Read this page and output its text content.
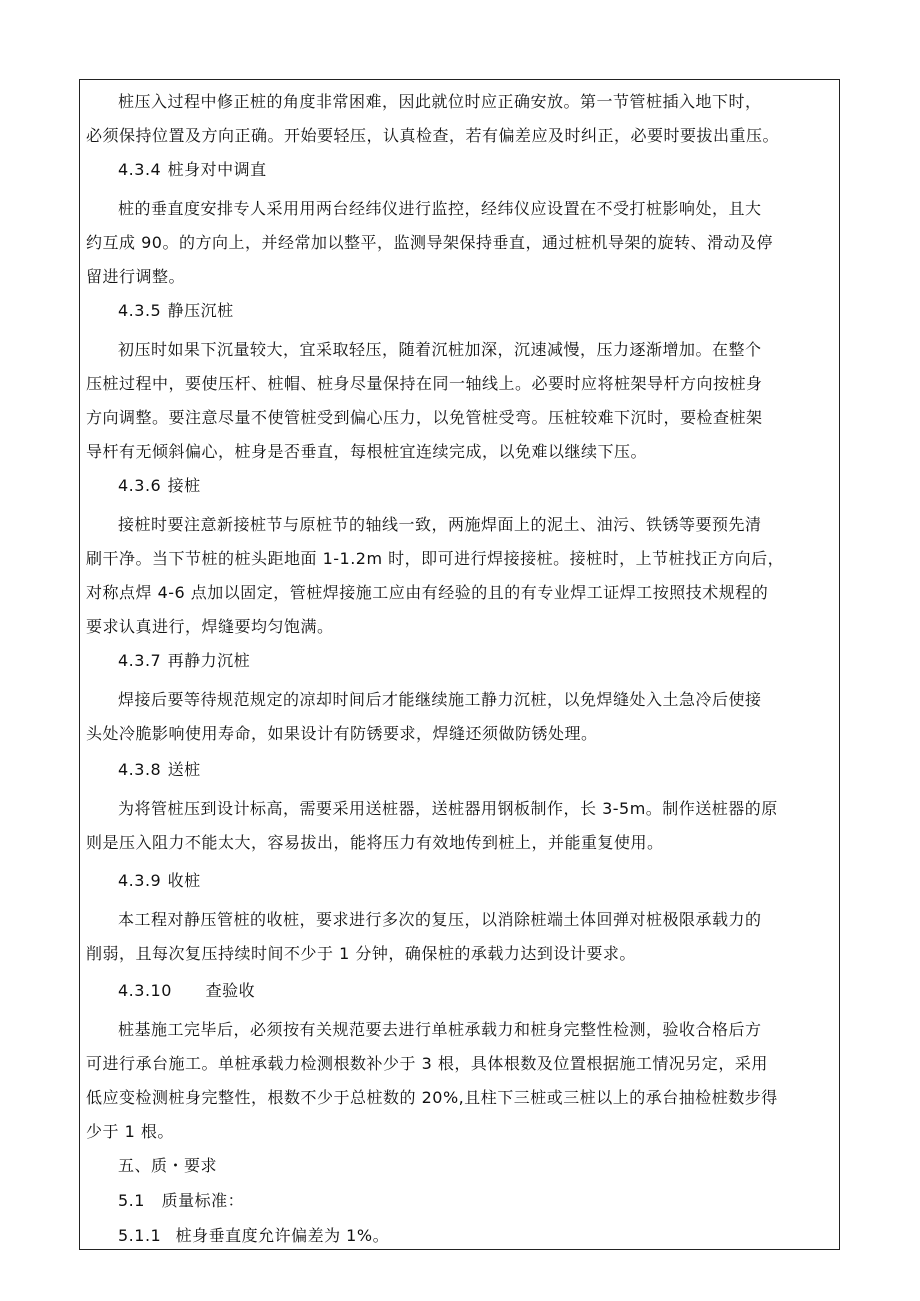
桩压入过程中修正桩的角度非常困难，因此就位时应正确安放。第一节管桩插入地下时，
必须保持位置及方向正确。开始要轻压，认真检查，若有偏差应及时纠正，必要时要拔出重压。
4.3.4 桩身对中调直
桩的垂直度安排专人采用用两台经纬仪进行监控，经纬仪应设置在不受打桩影响处，且大
约互成 90。的方向上，并经常加以整平，监测导架保持垂直，通过桩机导架的旋转、滑动及停
留进行调整。
4.3.5 静压沉桩
初压时如果下沉量较大，宜采取轻压，随着沉桩加深，沉速减慢，压力逐渐增加。在整个
压桩过程中，要使压杆、桩帽、桩身尽量保持在同一轴线上。必要时应将桩架导杆方向按桩身
方向调整。要注意尽量不使管桩受到偏心压力，以免管桩受弯。压桩较难下沉时，要检查桩架
导杆有无倾斜偏心，桩身是否垂直，每根桩宜连续完成，以免难以继续下压。
4.3.6 接桩
接桩时要注意新接桩节与原桩节的轴线一致，两施焊面上的泥土、油污、铁锈等要预先清
刷干净。当下节桩的桩头距地面 1-1.2m 时，即可进行焊接接桩。接桩时，上节桩找正方向后，
对称点焊 4-6 点加以固定，管桩焊接施工应由有经验的且的有专业焊工证焊工按照技术规程的
要求认真进行，焊缝要均匀饱满。
4.3.7 再静力沉桩
焊接后要等待规范规定的凉却时间后才能继续施工静力沉桩，以免焊缝处入土急冷后使接
头处冷脆影响使用寿命，如果设计有防锈要求，焊缝还须做防锈处理。
4.3.8 送桩
为将管桩压到设计标高，需要采用送桩器，送桩器用钢板制作，长 3-5m。制作送桩器的原
则是压入阻力不能太大，容易拔出，能将压力有效地传到桩上，并能重复使用。
4.3.9 收桩
本工程对静压管桩的收桩，要求进行多次的复压，以消除桩端土体回弹对桩极限承载力的
削弱，且每次复压持续时间不少于 1 分钟，确保桩的承载力达到设计要求。
4.3.10 查验收
桩基施工完毕后，必须按有关规范要去进行单桩承载力和桩身完整性检测，验收合格后方
可进行承台施工。单桩承载力检测根数补少于 3 根，具体根数及位置根据施工情况另定，采用
低应变检测桩身完整性，根数不少于总桩数的 20%,且柱下三桩或三桩以上的承台抽检桩数步得
少于 1 根。
五、质・要求
5.1 质量标准：
5.1.1 桩身垂直度允许偏差为 1%。
